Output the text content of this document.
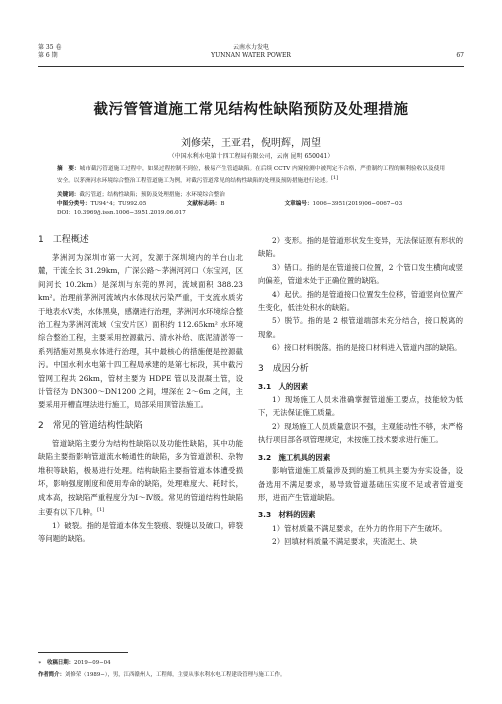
第 35 卷
第 6 期
云南水力发电
YUNNAN WATER POWER	67
截污管管道施工常见结构性缺陷预防及处理措施
刘修荣，王亚君，倪明辉，周望
（中国水利水电第十四工程局有限公司，云南 昆明 650041）
摘　要：城市截污管道施工过程中，如果过程控制不到位，极易产生管道缺陷。在后续 CCTV 内窥检测中被判定不合格，严重制约工程的顺利验收以及使用安全。以茅洲河水环境综合整治工程管道施工为例，对截污管道常见的结构性缺陷的处理及预防措施进行论述。[1]
关键词：截污管道；结构性缺陷；预防及处理措施；水环境综合整治
中图分类号：TU94⁺4；TU992.05	文献标志码：B	文章编号：1006−3951(2019)06−0067−03
DOI：10.3969/j.issn.1006−3951.2019.06.017
1　工程概述

茅洲河为深圳市第一大河，发源于深圳境内的羊台山北麓，干流全长 31.29km，广深公路～茅洲河河口（东宝河，区间河长 10.2km）是深圳与东莞的界河，流域面积 388.23 km²。治理前茅洲河流域内水体现状污染严重，干支流水质劣于地表水Ⅴ类，水体黑臭，感潮进行治理，茅洲河水环境综合整治工程为茅洲河流域（宝安片区）面积约 112.65km² 水环境综合整治工程，主要采用控源截污、清水补给、底泥清淤等一系列措施对黑臭水体进行治理，其中最核心的措施便是控源截污。中国水利水电第十四工程局承建的是第七标段，其中截污管网工程共 26km，管材主要为 HDPE 管以及混凝土管，设计管径为 DN300～DN1200 之间，埋深在 2～6m 之间，主要采用开槽直埋法进行施工，局部采用顶管法施工。

2　常见的管道结构性缺陷

管道缺陷主要分为结构性缺陷以及功能性缺陷，其中功能缺陷主要指影响管道流水畅通性的缺陷，多为管道淤积、杂物堆积等缺陷，极易进行处理。结构缺陷主要指管道本体遭受损坏，影响强度刚度和使用寿命的缺陷，处理难度大、耗时长，成本高，按缺陷严重程度分为Ⅰ～Ⅳ级。常见的管道结构性缺陷主要有以下几种。[1]

1）破裂。指的是管道本体发生裂痕、裂缝以及破口，碎裂等问题的缺陷。

2）变形。指的是管道形状发生变异，无法保证原有形状的缺陷。

3）错口。指的是在管道接口位置，2 个管口发生横向或竖向偏差，管道未处于正确位置的缺陷。

4）起伏。指的是管道接口位置发生位移，管道竖向位置产生变化，低洼处积水的缺陷。

5）脱节。指的是 2 根管道端部未充分结合，接口脱离的现象。

6）接口材料脱落。指的是接口材料进入管道内部的缺陷。

3　成因分析
3.1　人的因素

1）现场施工人员未准确掌握管道施工要点，技能较为低下，无法保证施工质量。

2）现场施工人员质量意识不强，主观能动性不够，未严格执行项目部各项管理规定，未按施工技术要求进行施工。

3.2　施工机具的因素

影响管道施工质量涉及到的施工机具主要为夯实设备，设备选用不满足要求，易导致管道基础压实度不足或者管道变形，进而产生管道缺陷。

3.3　材料的因素

1）管材质量不满足要求，在外力的作用下产生破坏。

2）回填材料质量不满足要求，夹渣泥土、块

∗　收稿日期：2019−09−04
作者简介：刘修荣（1989−），男，江西赣州人，工程师，主要从事水利水电工程建设管理与施工工作。
